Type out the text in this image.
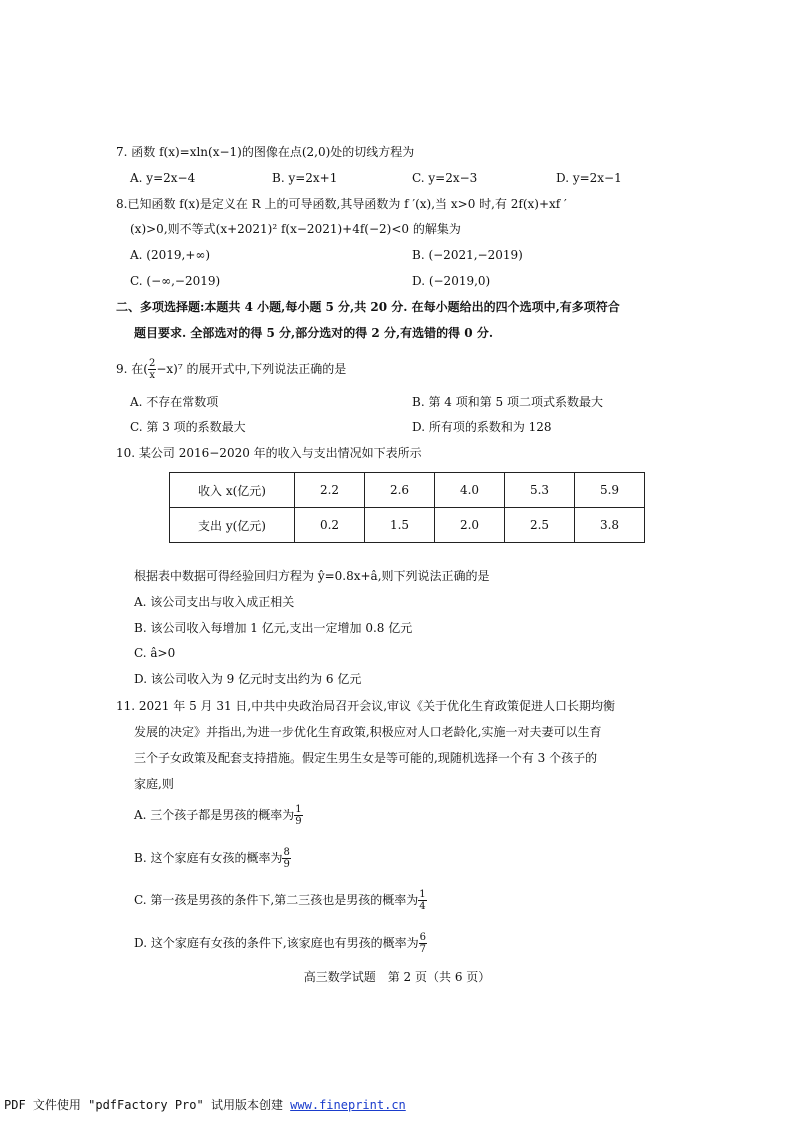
7. 函数 f(x)=xln(x−1)的图像在点(2,0)处的切线方程为
A. y=2x−4	B. y=2x+1	C. y=2x−3	D. y=2x−1
8.已知函数 f(x)是定义在 R 上的可导函数,其导函数为 f ′(x),当 x>0 时,有 2f(x)+xf ′
(x)>0,则不等式(x+2021)² f(x−2021)+4f(−2)<0 的解集为
A. (2019,+∞)	B. (−2021,−2019)
C. (−∞,−2019)	D. (−2019,0)
二、多项选择题:本题共 4 小题,每小题 5 分,共 20 分. 在每小题给出的四个选项中,有多项符合
题目要求. 全部选对的得 5 分,部分选对的得 2 分,有选错的得 0 分.
9. 在( $\frac{2}{x} -x)^7$ 的展开式中,下列说法正确的是
A. 不存在常数项	B. 第 4 项和第 5 项二项式系数最大
C. 第 3 项的系数最大	D. 所有项的系数和为 128
10. 某公司 2016−2020 年的收入与支出情况如下表所示
收入 x(亿元)	2.2	2.6	4.0	5.3	5.9
支出 y(亿元)	0.2	1.5	2.0	2.5	3.8
根据表中数据可得经验回归方程为 ŷ=0.8x+â,则下列说法正确的是
A. 该公司支出与收入成正相关
B. 该公司收入每增加 1 亿元,支出一定增加 0.8 亿元
C. â>0
D. 该公司收入为 9 亿元时支出约为 6 亿元
11. 2021 年 5 月 31 日,中共中央政治局召开会议,审议《关于优化生育政策促进人口长期均衡
发展的决定》并指出,为进一步优化生育政策,积极应对人口老龄化,实施一对夫妻可以生育
三个子女政策及配套支持措施。假定生男生女是等可能的,现随机选择一个有 3 个孩子的
家庭,则
A. 三个孩子都是男孩的概率为 $\frac{1}{9}$
B. 这个家庭有女孩的概率为 $\frac{8}{9}$
C. 第一孩是男孩的条件下,第二三孩也是男孩的概率为 $\frac{1}{4}$
D. 这个家庭有女孩的条件下,该家庭也有男孩的概率为 $\frac{6}{7}$
高三数学试题　第 2 页（共 6 页）
PDF 文件使用 "pdfFactory Pro" 试用版本创建 www.fineprint.cn
